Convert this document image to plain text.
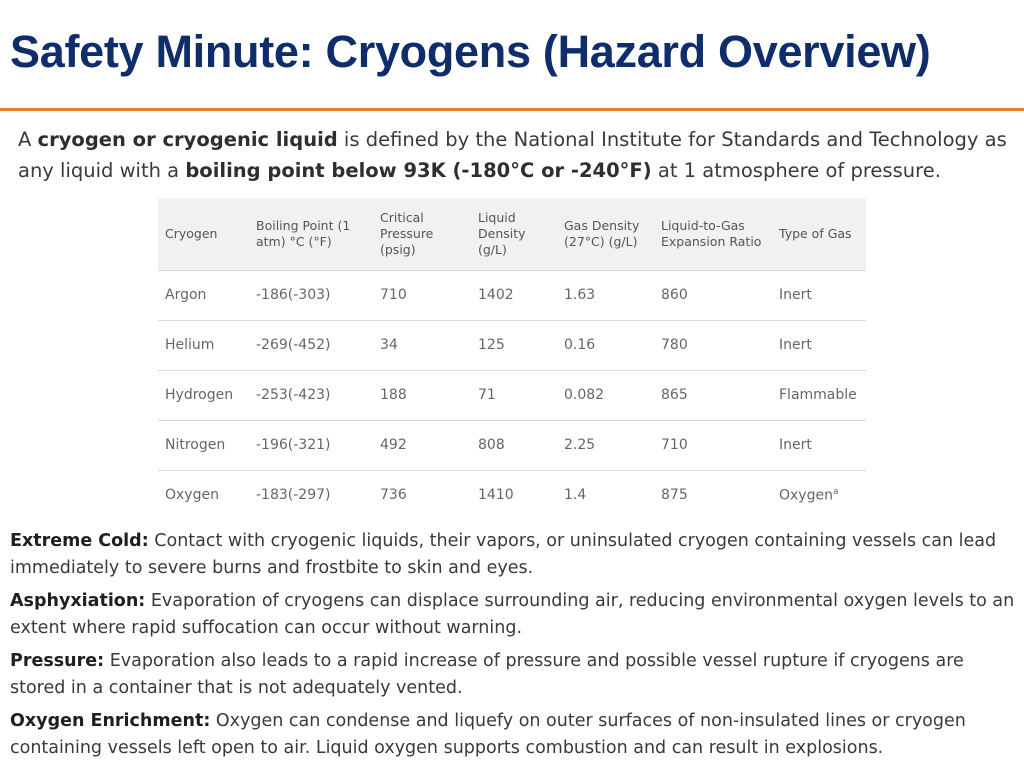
Safety Minute: Cryogens (Hazard Overview)

A cryogen or cryogenic liquid is defined by the National Institute for Standards and Technology as any liquid with a boiling point below 93K (-180°C or -240°F) at 1 atmosphere of pressure.

Cryogen	Boiling Point (1 atm) °C (°F)	Critical Pressure (psig)	Liquid Density (g/L)	Gas Density (27°C) (g/L)	Liquid-to-Gas Expansion Ratio	Type of Gas
Argon	-186(-303)	710	1402	1.63	860	Inert
Helium	-269(-452)	34	125	0.16	780	Inert
Hydrogen	-253(-423)	188	71	0.082	865	Flammable
Nitrogen	-196(-321)	492	808	2.25	710	Inert
Oxygen	-183(-297)	736	1410	1.4	875	Oxygen$^a$

Extreme Cold: Contact with cryogenic liquids, their vapors, or uninsulated cryogen containing vessels can lead immediately to severe burns and frostbite to skin and eyes.

Asphyxiation: Evaporation of cryogens can displace surrounding air, reducing environmental oxygen levels to an extent where rapid suffocation can occur without warning.

Pressure: Evaporation also leads to a rapid increase of pressure and possible vessel rupture if cryogens are stored in a container that is not adequately vented.

Oxygen Enrichment: Oxygen can condense and liquefy on outer surfaces of non-insulated lines or cryogen containing vessels left open to air. Liquid oxygen supports combustion and can result in explosions.
